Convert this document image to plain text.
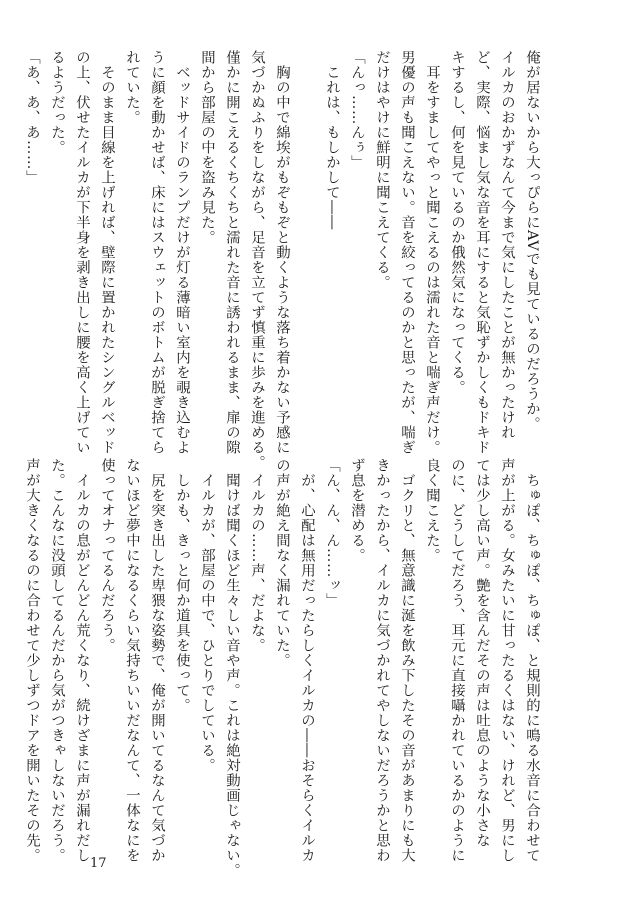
俺が居ないから大っぴらにAVでも見ているのだろうか。
イルカのおかずなんて今まで気にしたことが無かったけれ
ど、実際、悩まし気な音を耳にすると気恥ずかしくもドキド
キするし、何を見ているのか俄然気になってくる。
　耳をすましてやっと聞こえるのは濡れた音と喘ぎ声だけ。
男優の声も聞こえない。音を絞ってるのかと思ったが、喘ぎ
だけはやけに鮮明に聞こえてくる。
「んっ……んぅ」
　これは、もしかして――
　胸の中で綿埃がもぞもぞと動くような落ち着かない予感に
気づかぬふりをしながら、足音を立てず慎重に歩みを進める。
僅かに開こえるくちくちと濡れた音に誘われるまま、扉の隙
間から部屋の中を盗み見た。
　ベッドサイドのランプだけが灯る薄暗い室内を覗き込むよ
うに顔を動かせば、床にはスウェットのボトムが脱ぎ捨てら
れていた。
　そのまま目線を上げれば、壁際に置かれたシングルベッド
の上、伏せたイルカが下半身を剥き出しに腰を高く上げてい
るようだった。
「あ、あ、あ……」
　ちゅぽ、ちゅぽ、ちゅぽ、と規則的に鳴る水音に合わせて
声が上がる。女みたいに甘ったるくはない、けれど、男にし
ては少し高い声。艶を含んだその声は吐息のような小さな
のに、どうしてだろう、耳元に直接囁かれているかのように
良く聞こえた。
　ゴクリと、無意識に涎を飲み下したその音があまりにも大
きかったから、イルカに気づかれてやしないだろうかと思わ
ず息を潜める。
「ん、ん、ん……ッ」
　が、心配は無用だったらしくイルカの――おそらくイルカ
の声が絶え間なく漏れていた。
　イルカの……声、だよな。
　聞けば聞くほど生々しい音や声。これは絶対動画じゃない。
　イルカが、部屋の中で、ひとりでしている。
　しかも、きっと何か道具を使って。
　尻を突き出した卑猥な姿勢で、俺が開いてるなんて気づか
ないほど夢中になるくらい気持ちいいだなんて、一体なにを
使ってオナってるんだろう。
　イルカの息がどんどん荒くなり、続けざまに声が漏れだし
た。こんなに没頭してるんだから気がつきゃしないだろう。
声が大きくなるのに合わせて少しずつドアを開いたその先。
17
